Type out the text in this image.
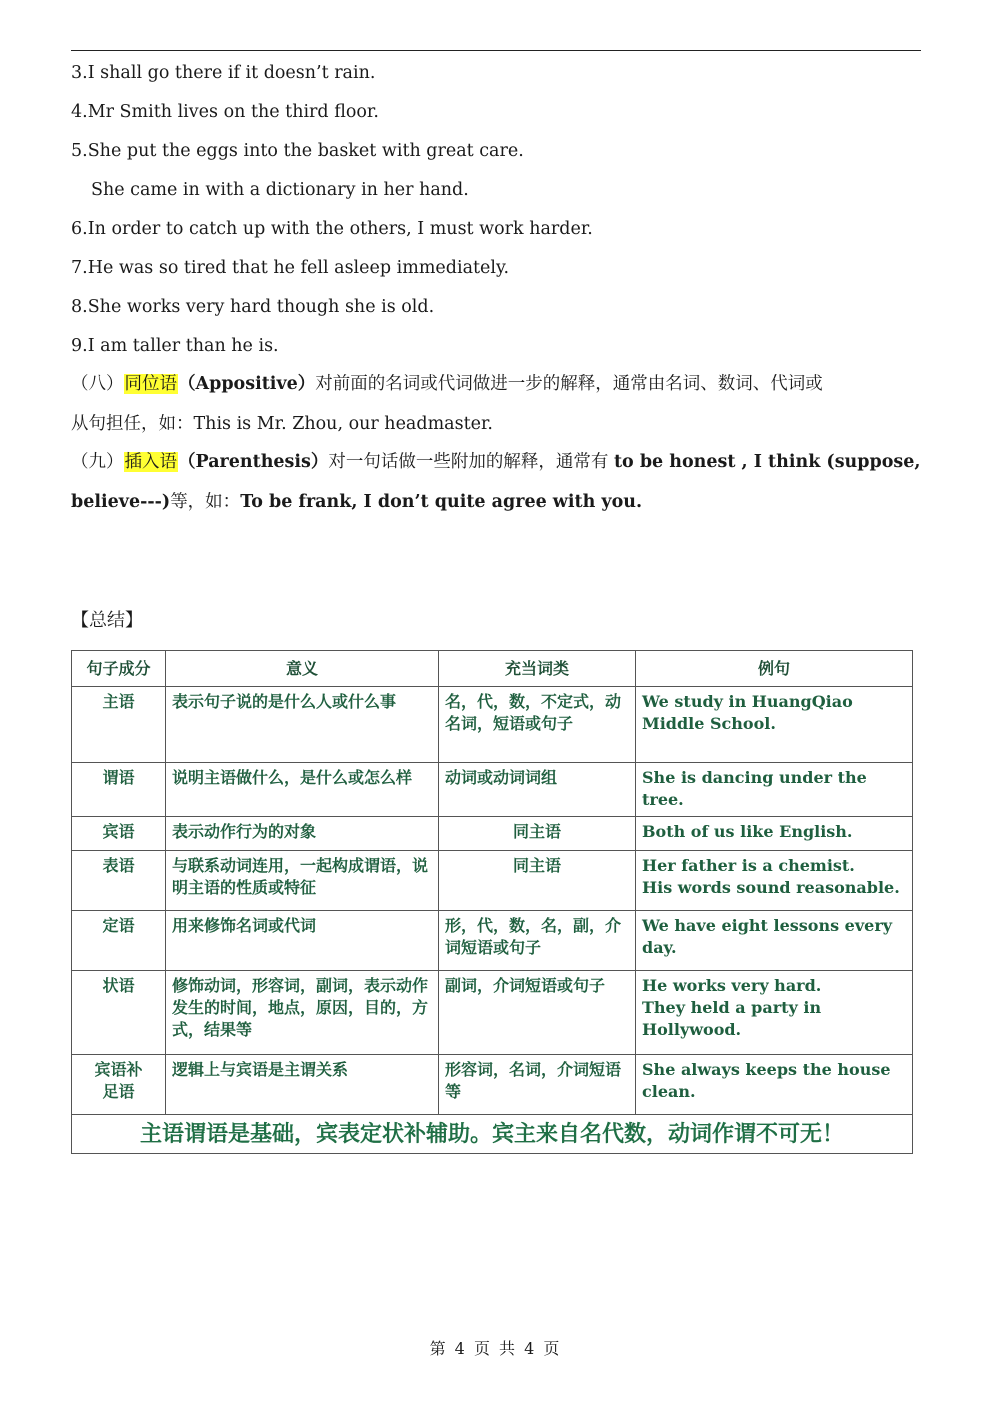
3.I shall go there if it doesn’t rain.
4.Mr Smith lives on the third floor.
5.She put the eggs into the basket with great care.
She came in with a dictionary in her hand.
6.In order to catch up with the others, I must work harder.
7.He was so tired that he fell asleep immediately.
8.She works very hard though she is old.
9.I am taller than he is.
（八）同位语（Appositive）对前面的名词或代词做进一步的解释，通常由名词、数词、代词或
从句担任，如：This is Mr. Zhou, our headmaster.
（九）插入语（Parenthesis）对一句话做一些附加的解释，通常有 to be honest , I think (suppose,
believe---)等，如：To be frank, I don’t quite agree with you.
【总结】
句子成分	意义	充当词类	例句
主语	表示句子说的是什么人或什么事	名，代，数，不定式，动名词，短语或句子	We study in HuangQiao Middle School.

谓语	说明主语做什么，是什么或怎么样	动词或动词词组	She is dancing under the tree.

宾语	表示动作行为的对象	同主语	Both of us like English.

表语	与联系动词连用，一起构成谓语，说明主语的性质或特征	同主语	Her father is a chemist.
His words sound reasonable.

定语	用来修饰名词或代词	形，代，数，名，副，介词短语或句子	We have eight lessons every day.

状语	修饰动词，形容词，副词，表示动作发生的时间，地点，原因，目的，方式，结果等	副词，介词短语或句子	He works very hard.
They held a party in Hollywood.

宾语补足语	逻辑上与宾语是主谓关系	形容词，名词，介词短语等	She always keeps the house clean.

主语谓语是基础，宾表定状补辅助。宾主来自名代数，动词作谓不可无！			
第 4 页 共 4 页
